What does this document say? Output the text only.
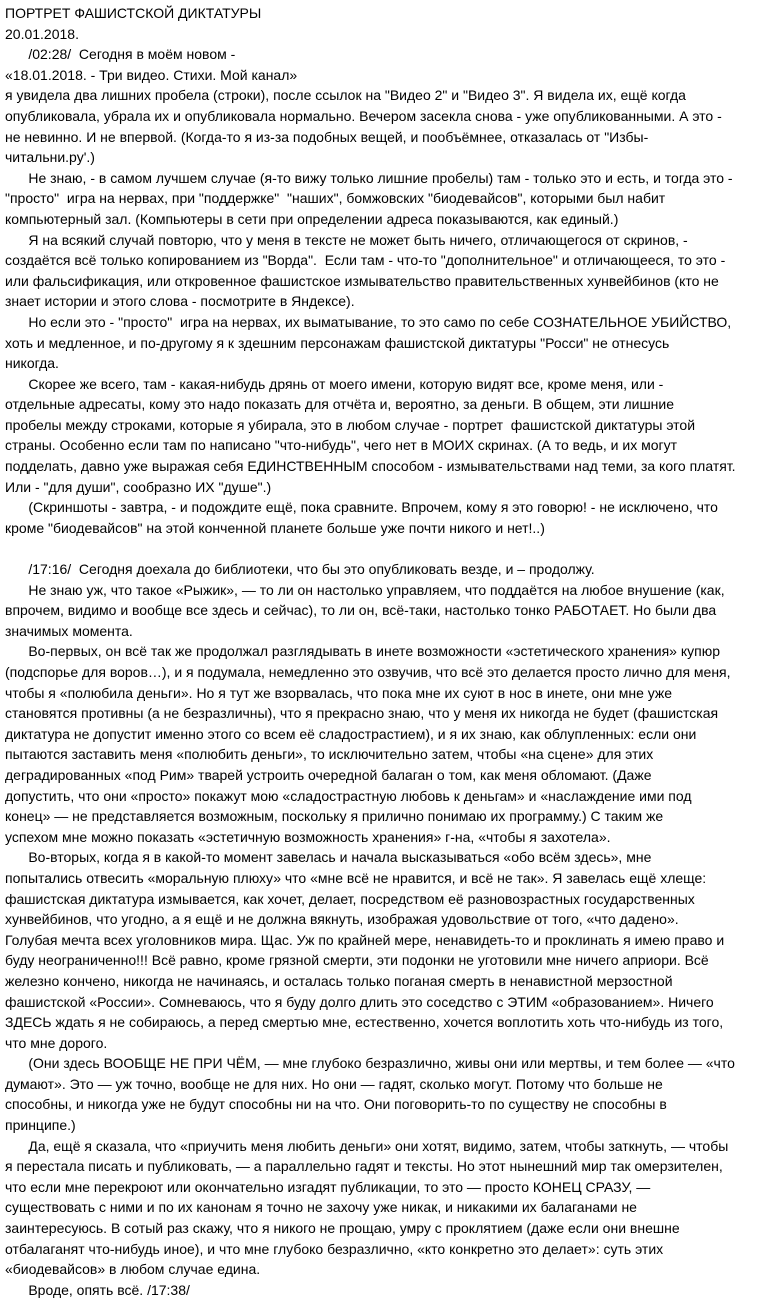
ПОРТРЕТ ФАШИСТСКОЙ ДИКТАТУРЫ
20.01.2018.
/02:28/  Сегодня в моём новом -
«18.01.2018. - Три видео. Стихи. Мой канал»
я увидела два лишних пробела (строки), после ссылок на "Видео 2" и "Видео 3". Я видела их, ещё когда
опубликовала, убрала их и опубликовала нормально. Вечером засекла снова - уже опубликованными. А это -
не невинно. И не впервой. (Когда-то я из-за подобных вещей, и пообъёмнее, отказалась от "Избы-
читальни.ру'.)
Не знаю, - в самом лучшем случае (я-то вижу только лишние пробелы) там - только это и есть, и тогда это -
"просто"  игра на нервах, при "поддержке"  "наших", бомжовских "биодевайсов", которыми был набит
компьютерный зал. (Компьютеры в сети при определении адреса показываются, как единый.)
Я на всякий случай повторю, что у меня в тексте не может быть ничего, отличающегося от скринов, -
создаётся всё только копированием из "Ворда".  Если там - что-то "дополнительное" и отличающееся, то это -
или фальсификация, или откровенное фашистское измывательство правительственных хунвейбинов (кто не
знает истории и этого слова - посмотрите в Яндексе).
Но если это - "просто"  игра на нервах, их выматывание, то это само по себе СОЗНАТЕЛЬНОЕ УБИЙСТВО,
хоть и медленное, и по-другому я к здешним персонажам фашистской диктатуры "Росси" не отнесусь
никогда.
Скорее же всего, там - какая-нибудь дрянь от моего имени, которую видят все, кроме меня, или -
отдельные адресаты, кому это надо показать для отчёта и, вероятно, за деньги. В общем, эти лишние
пробелы между строками, которые я убирала, это в любом случае - портрет  фашистской диктатуры этой
страны. Особенно если там по написано "что-нибудь", чего нет в МОИХ скринах. (А то ведь, и их могут
подделать, давно уже выражая себя ЕДИНСТВЕННЫМ способом - измывательствами над теми, за кого платят.
Или - "для души", сообразно ИХ "душе".)
(Скриншоты - завтра, - и подождите ещё, пока сравните. Впрочем, кому я это говорю! - не исключено, что
кроме "биодевайсов" на этой конченной планете больше уже почти никого и нет!..)
/17:16/  Сегодня доехала до библиотеки, что бы это опубликовать везде, и – продолжу.
Не знаю уж, что такое «Рыжик», — то ли он настолько управляем, что поддаётся на любое внушение (как,
впрочем, видимо и вообще все здесь и сейчас), то ли он, всё-таки, настолько тонко РАБОТАЕТ. Но были два
значимых момента.
Во-первых, он всё так же продолжал разглядывать в инете возможности «эстетического хранения» купюр
(подспорье для воров…), и я подумала, немедленно это озвучив, что всё это делается просто лично для меня,
чтобы я «полюбила деньги». Но я тут же взорвалась, что пока мне их суют в нос в инете, они мне уже
становятся противны (а не безразличны), что я прекрасно знаю, что у меня их никогда не будет (фашистская
диктатура не допустит именно этого со всем её сладострастием), и я их знаю, как облупленных: если они
пытаются заставить меня «полюбить деньги», то исключительно затем, чтобы «на сцене» для этих
деградированных «под Рим» тварей устроить очередной балаган о том, как меня обломают. (Даже
допустить, что они «просто» покажут мою «сладострастную любовь к деньгам» и «наслаждение ими под
конец» — не представляется возможным, поскольку я прилично понимаю их программу.) С таким же
успехом мне можно показать «эстетичную возможность хранения» г-на, «чтобы я захотела».
Во-вторых, когда я в какой-то момент завелась и начала высказываться «обо всём здесь», мне
попытались отвесить «моральную плюху» что «мне всё не нравится, и всё не так». Я завелась ещё хлеще:
фашистская диктатура измывается, как хочет, делает, посредством её разновозрастных государственных
хунвейбинов, что угодно, а я ещё и не должна вякнуть, изображая удовольствие от того, «что дадено».
Голубая мечта всех уголовников мира. Щас. Уж по крайней мере, ненавидеть-то и проклинать я имею право и
буду неограниченно!!! Всё равно, кроме грязной смерти, эти подонки не уготовили мне ничего априори. Всё
железно кончено, никогда не начинаясь, и осталась только поганая смерть в ненавистной мерзостной
фашистской «России». Сомневаюсь, что я буду долго длить это соседство с ЭТИМ «образованием». Ничего
ЗДЕСЬ ждать я не собираюсь, а перед смертью мне, естественно, хочется воплотить хоть что-нибудь из того,
что мне дорого.
(Они здесь ВООБЩЕ НЕ ПРИ ЧЁМ, — мне глубоко безразлично, живы они или мертвы, и тем более — «что
думают». Это — уж точно, вообще не для них. Но они — гадят, сколько могут. Потому что больше не
способны, и никогда уже не будут способны ни на что. Они поговорить-то по существу не способны в
принципе.)
Да, ещё я сказала, что «приучить меня любить деньги» они хотят, видимо, затем, чтобы заткнуть, — чтобы
я перестала писать и публиковать, — а параллельно гадят и тексты. Но этот нынешний мир так омерзителен,
что если мне перекроют или окончательно изгадят публикации, то это — просто КОНЕЦ СРАЗУ, —
существовать с ними и по их канонам я точно не захочу уже никак, и никакими их балаганами не
заинтересуюсь. В сотый раз скажу, что я никого не прощаю, умру с проклятием (даже если они внешне
отбалаганят что-нибудь иное), и что мне глубоко безразлично, «кто конкретно это делает»: суть этих
«биодевайсов» в любом случае едина.
Вроде, опять всё. /17:38/
